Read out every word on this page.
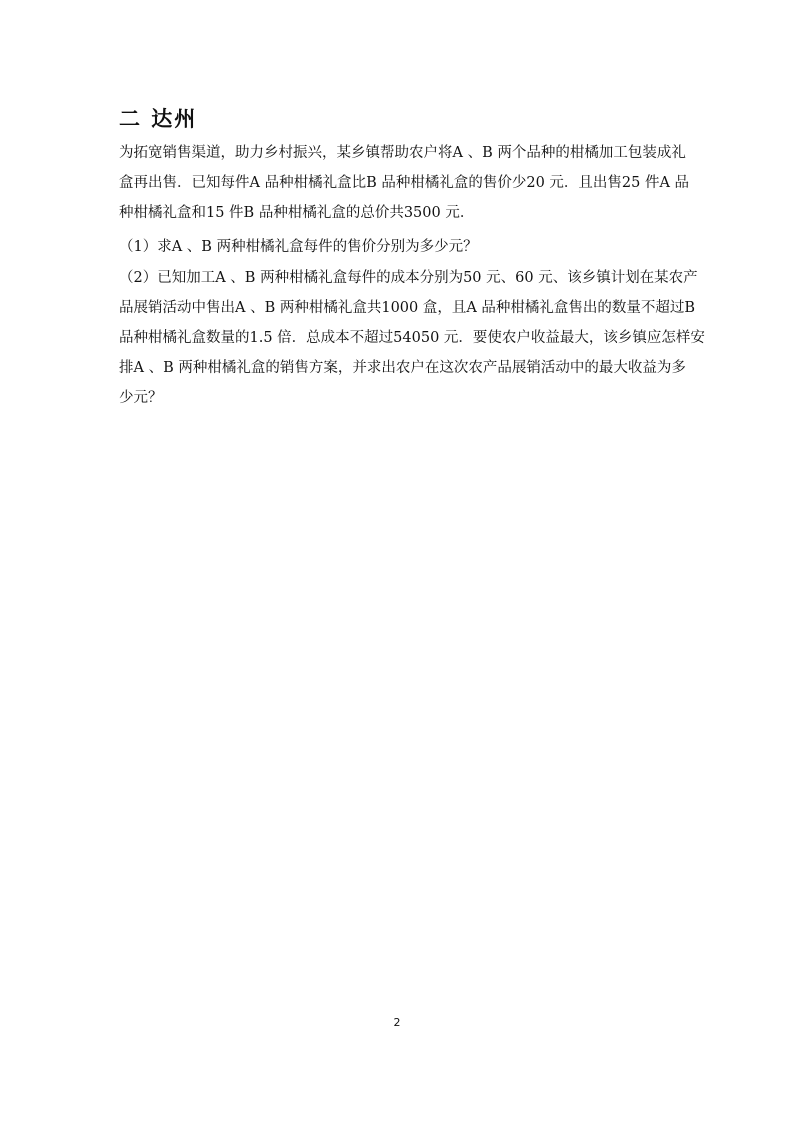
二 达州
为拓宽销售渠道，助力乡村振兴，某乡镇帮助农户将A 、B 两个品种的柑橘加工包装成礼
盒再出售．已知每件A 品种柑橘礼盒比B 品种柑橘礼盒的售价少20 元．且出售25 件A 品
种柑橘礼盒和15 件B 品种柑橘礼盒的总价共3500 元．
（1）求A 、B 两种柑橘礼盒每件的售价分别为多少元？
（2）已知加工A 、B 两种柑橘礼盒每件的成本分别为50 元、60 元、该乡镇计划在某农产
品展销活动中售出A 、B 两种柑橘礼盒共1000 盒，且A 品种柑橘礼盒售出的数量不超过B
品种柑橘礼盒数量的1.5 倍．总成本不超过54050 元．要使农户收益最大，该乡镇应怎样安
排A 、B 两种柑橘礼盒的销售方案，并求出农户在这次农产品展销活动中的最大收益为多
少元？
2
